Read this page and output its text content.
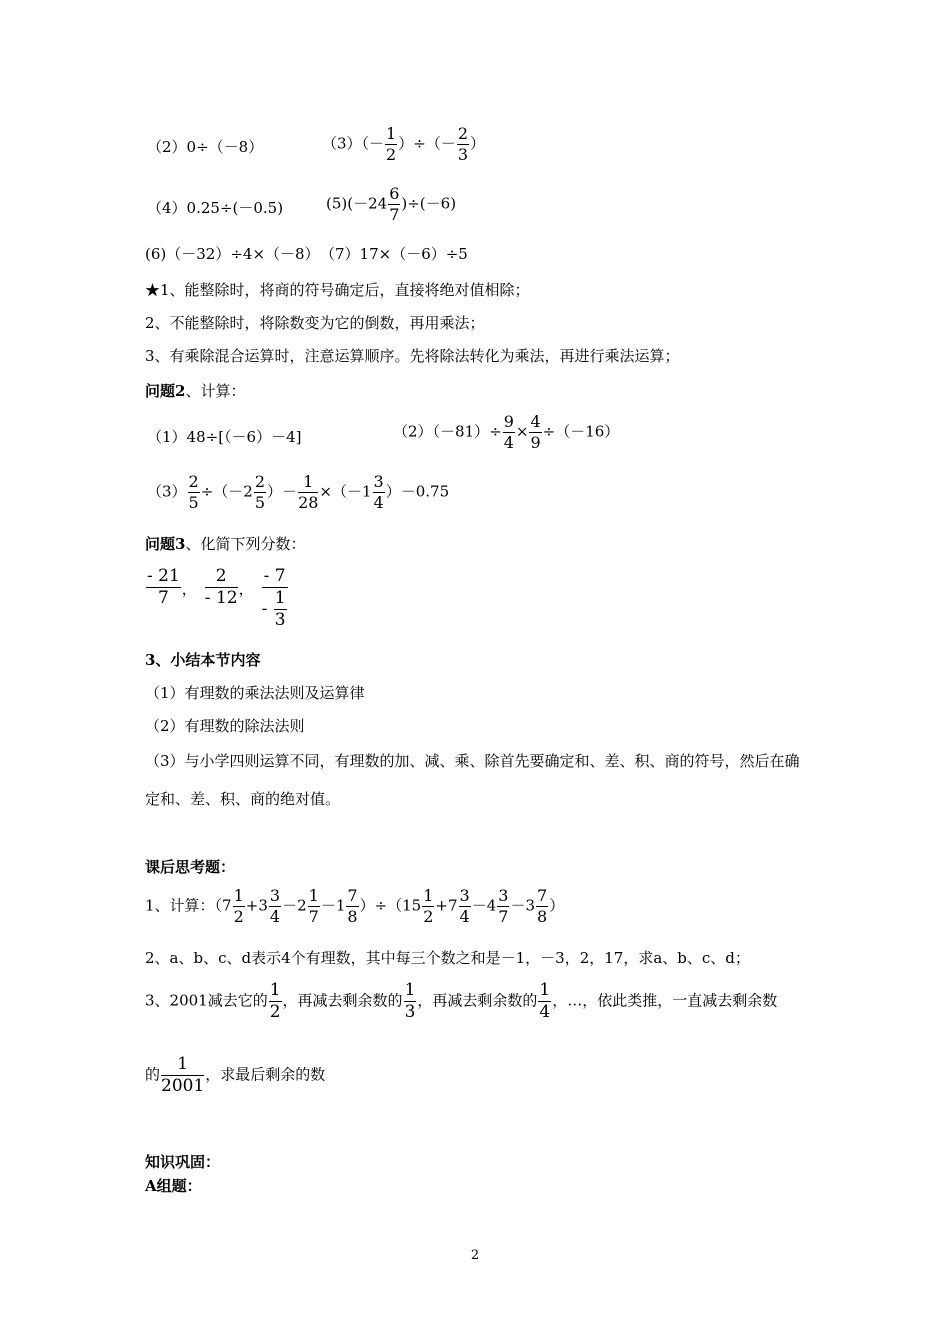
（2）0÷（－8）	$(3)(- \frac{1}{2}$ ）÷（－ $\frac{2}{3}$ ）
（4）0.25÷(－0.5)	$(5)(-24 \frac{6}{7} )\div(-6)$
(6)（－32）÷4×（－8） （7）17×（－6）÷5
★1、能整除时，将商的符号确定后，直接将绝对值相除；
2、不能整除时，将除数变为它的倒数，再用乘法；
3、有乘除混合运算时，注意运算顺序。先将除法转化为乘法，再进行乘法运算；
问题2、计算：
（1）48÷[（－6）－4]	$(2)(-81)\div \frac{9}{4} \times \frac{4}{9} \div(-16)$
$(3) \frac{2}{5} \div(-2 \frac{2}{5}$ ）－ $\frac{1}{28} \times(-1 \frac{3}{4} )-0.75$
问题3、化简下列分数：
$\frac{- 21}{7}$ ， $\frac{2}{- 12}$ ， $\frac{- 7}{- \frac{1}{3}}$
3、小结本节内容
（1）有理数的乘法法则及运算律
（2）有理数的除法法则
（3）与小学四则运算不同，有理数的加、减、乘、除首先要确定和、差、积、商的符号，然后在确
定和、差、积、商的绝对值。
课后思考题：
1、计算：$(7 \frac{1}{2} +3 \frac{3}{4} -2 \frac{1}{7} -1 \frac{7}{8} )\div(15 \frac{1}{2} +7 \frac{3}{4} -4 \frac{3}{7} -3 \frac{7}{8}$ ）
2、a、b、c、d表示4个有理数，其中每三个数之和是－1，－3，2，17，求a、b、c、d；
3、2001减去它的 $\frac{1}{2}$ ，再减去剩余数的 $\frac{1}{3}$ ，再减去剩余数的 $\frac{1}{4}$ ，…，依此类推，一直减去剩余数
的 $\frac{1}{2001}$ ，求最后剩余的数
知识巩固：
A组题：
2
